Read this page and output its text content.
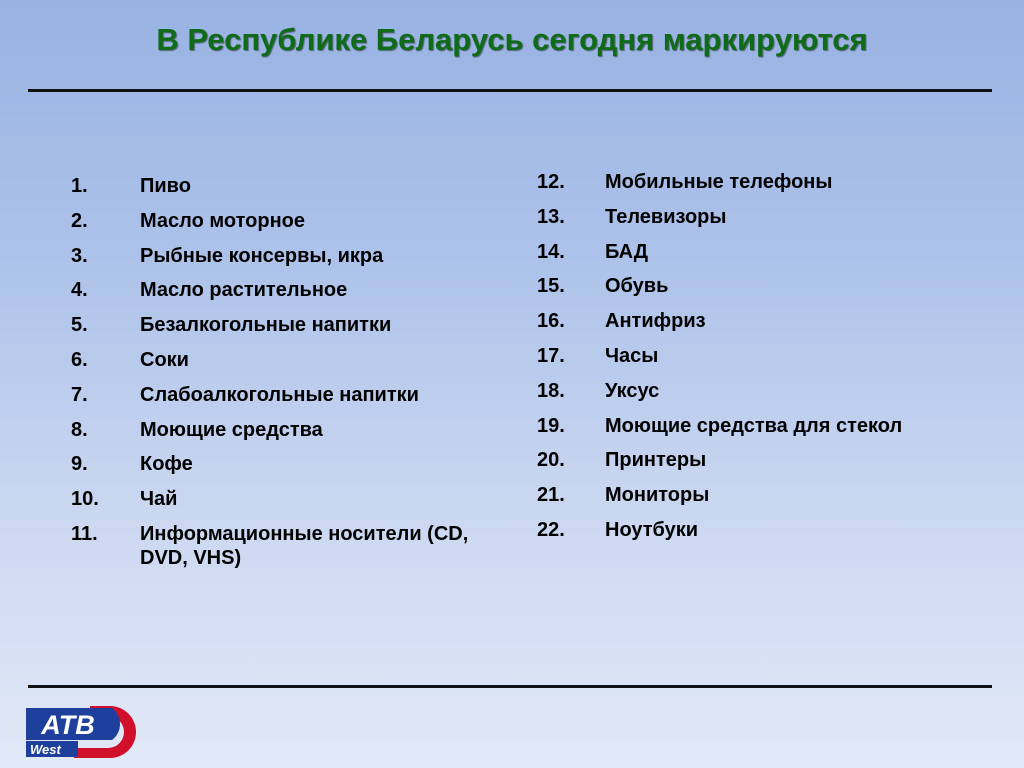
В Республике Беларусь сегодня маркируются
1.	Пиво
2.	Масло моторное
3.	Рыбные консервы, икра
4.	Масло растительное
5.	Безалкогольные напитки
6.	Соки
7.	Слабоалкогольные напитки
8.	Моющие средства
9.	Кофе
10.	Чай
11.	Информационные носители (CD, DVD, VHS)
12.	Мобильные телефоны
13.	Телевизоры
14.	БАД
15.	Обувь
16.	Антифриз
17.	Часы
18.	Уксус
19.	Моющие средства для стекол
20.	Принтеры
21.	Мониторы
22.	Ноутбуки
ATB
West
